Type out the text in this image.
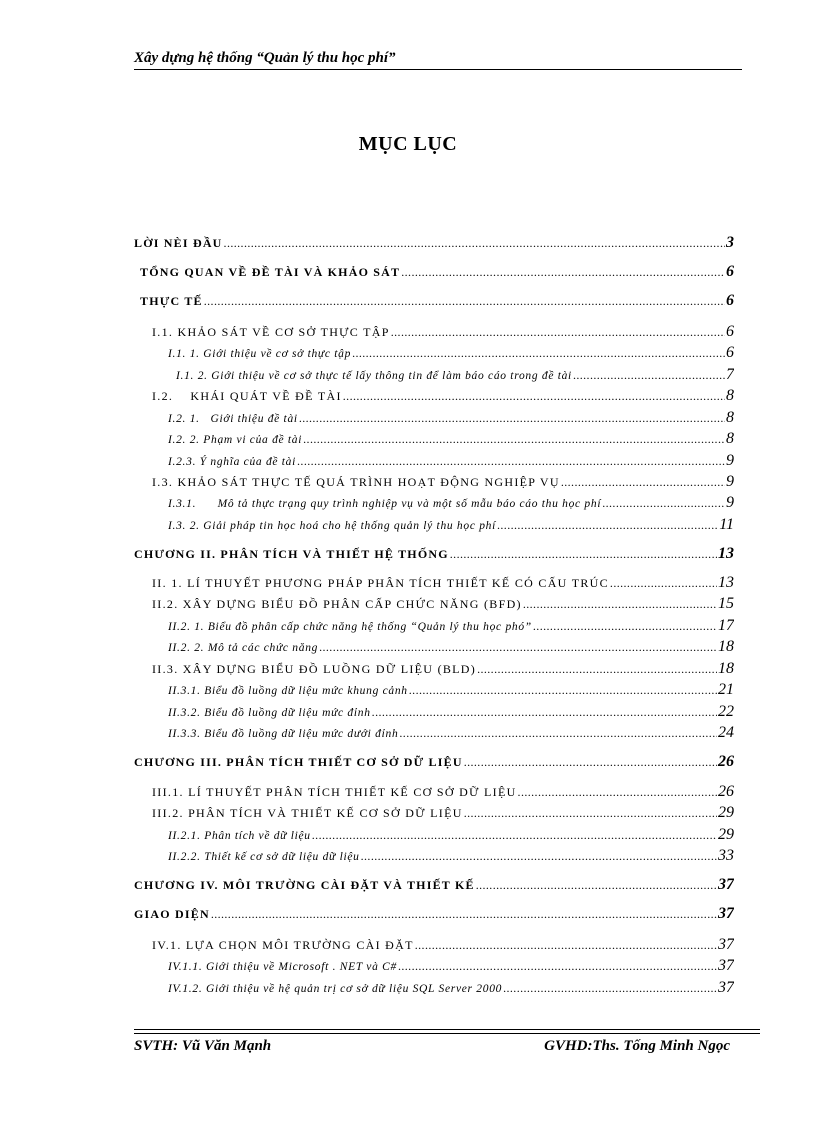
Xây dựng hệ thống “Quản lý thu học phí”
MỤC LỤC
LỜI NÈI ĐẦU .....	3
TỔNG QUAN VỀ ĐỀ TÀI VÀ KHẢO SÁT .....	6
THỰC TẾ .....	6
I.1. KHẢO SÁT VỀ CƠ SỞ THỰC TẬP .....	6
I.1. 1. Giới thiệu về cơ sở thực tập .....	6
I.1. 2. Giới thiệu về cơ sở thực tế lấy thông tin để làm báo cáo trong đề tài .....	7
I.2.    KHÁI QUÁT VỀ ĐỀ TÀI .....	8
I.2. 1.   Giới thiệu đề tài .....	8
I.2. 2. Phạm vi của đề tài .....	8
I.2.3. Ý nghĩa của đề tài .....	9
I.3. KHẢO SÁT THỰC TẾ QUÁ TRÌNH HOẠT ĐỘNG NGHIỆP VỤ .....	9
I.3.1.      Mô tả thực trạng quy trình nghiệp vụ và một số mẫu báo cáo thu học phí .....	9
I.3. 2. Giải pháp tin học hoá cho hệ thống quản lý thu học phí .....	11
CHƯƠNG II. PHÂN TÍCH VÀ THIẾT HỆ THỐNG .....	13
II. 1. LÍ THUYẾT PHƯƠNG PHÁP PHÂN TÍCH THIẾT KẾ CÓ CẤU TRÚC .....	13
II.2. XÂY DỰNG BIỂU ĐỒ PHÂN CẤP CHỨC NĂNG (BFD) .....	15
II.2. 1. Biểu đồ phân cấp chức năng hệ thống “Quản lý thu học phó” .....	17
II.2. 2. Mô tả các chức năng .....	18
II.3. XÂY DỰNG BIỂU ĐỒ LUỒNG DỮ LIỆU (BLD) .....	18
II.3.1. Biểu đồ luồng dữ liệu mức khung cảnh .....	21
II.3.2. Biểu đồ luồng dữ liệu mức đỉnh .....	22
II.3.3. Biểu đồ luồng dữ liệu mức dưới đỉnh .....	24
CHƯƠNG III. PHÂN TÍCH THIẾT CƠ SỞ DỮ LIỆU .....	26
III.1. LÍ THUYẾT PHÂN TÍCH THIẾT KẾ CƠ SỞ DỮ LIỆU .....	26
III.2. PHÂN TÍCH VÀ THIẾT KẾ CƠ SỞ DỮ LIỆU .....	29
II.2.1. Phân tích về dữ liệu .....	29
II.2.2. Thiết kế cơ sở dữ liệu dữ liệu .....	33
CHƯƠNG IV. MÔI TRƯỜNG CÀI ĐẶT VÀ THIẾT KẾ .....	37
GIAO DIỆN .....	37
IV.1. LỰA CHỌN MÔI TRƯỜNG CÀI ĐẶT .....	37
IV.1.1. Giới thiệu về Microsoft . NET và C# .....	37
IV.1.2. Giới thiệu về hệ quản trị cơ sở dữ liệu SQL Server 2000 .....	37
SVTH: Vũ Văn Mạnh	GVHD:Ths. Tống Minh Ngọc
